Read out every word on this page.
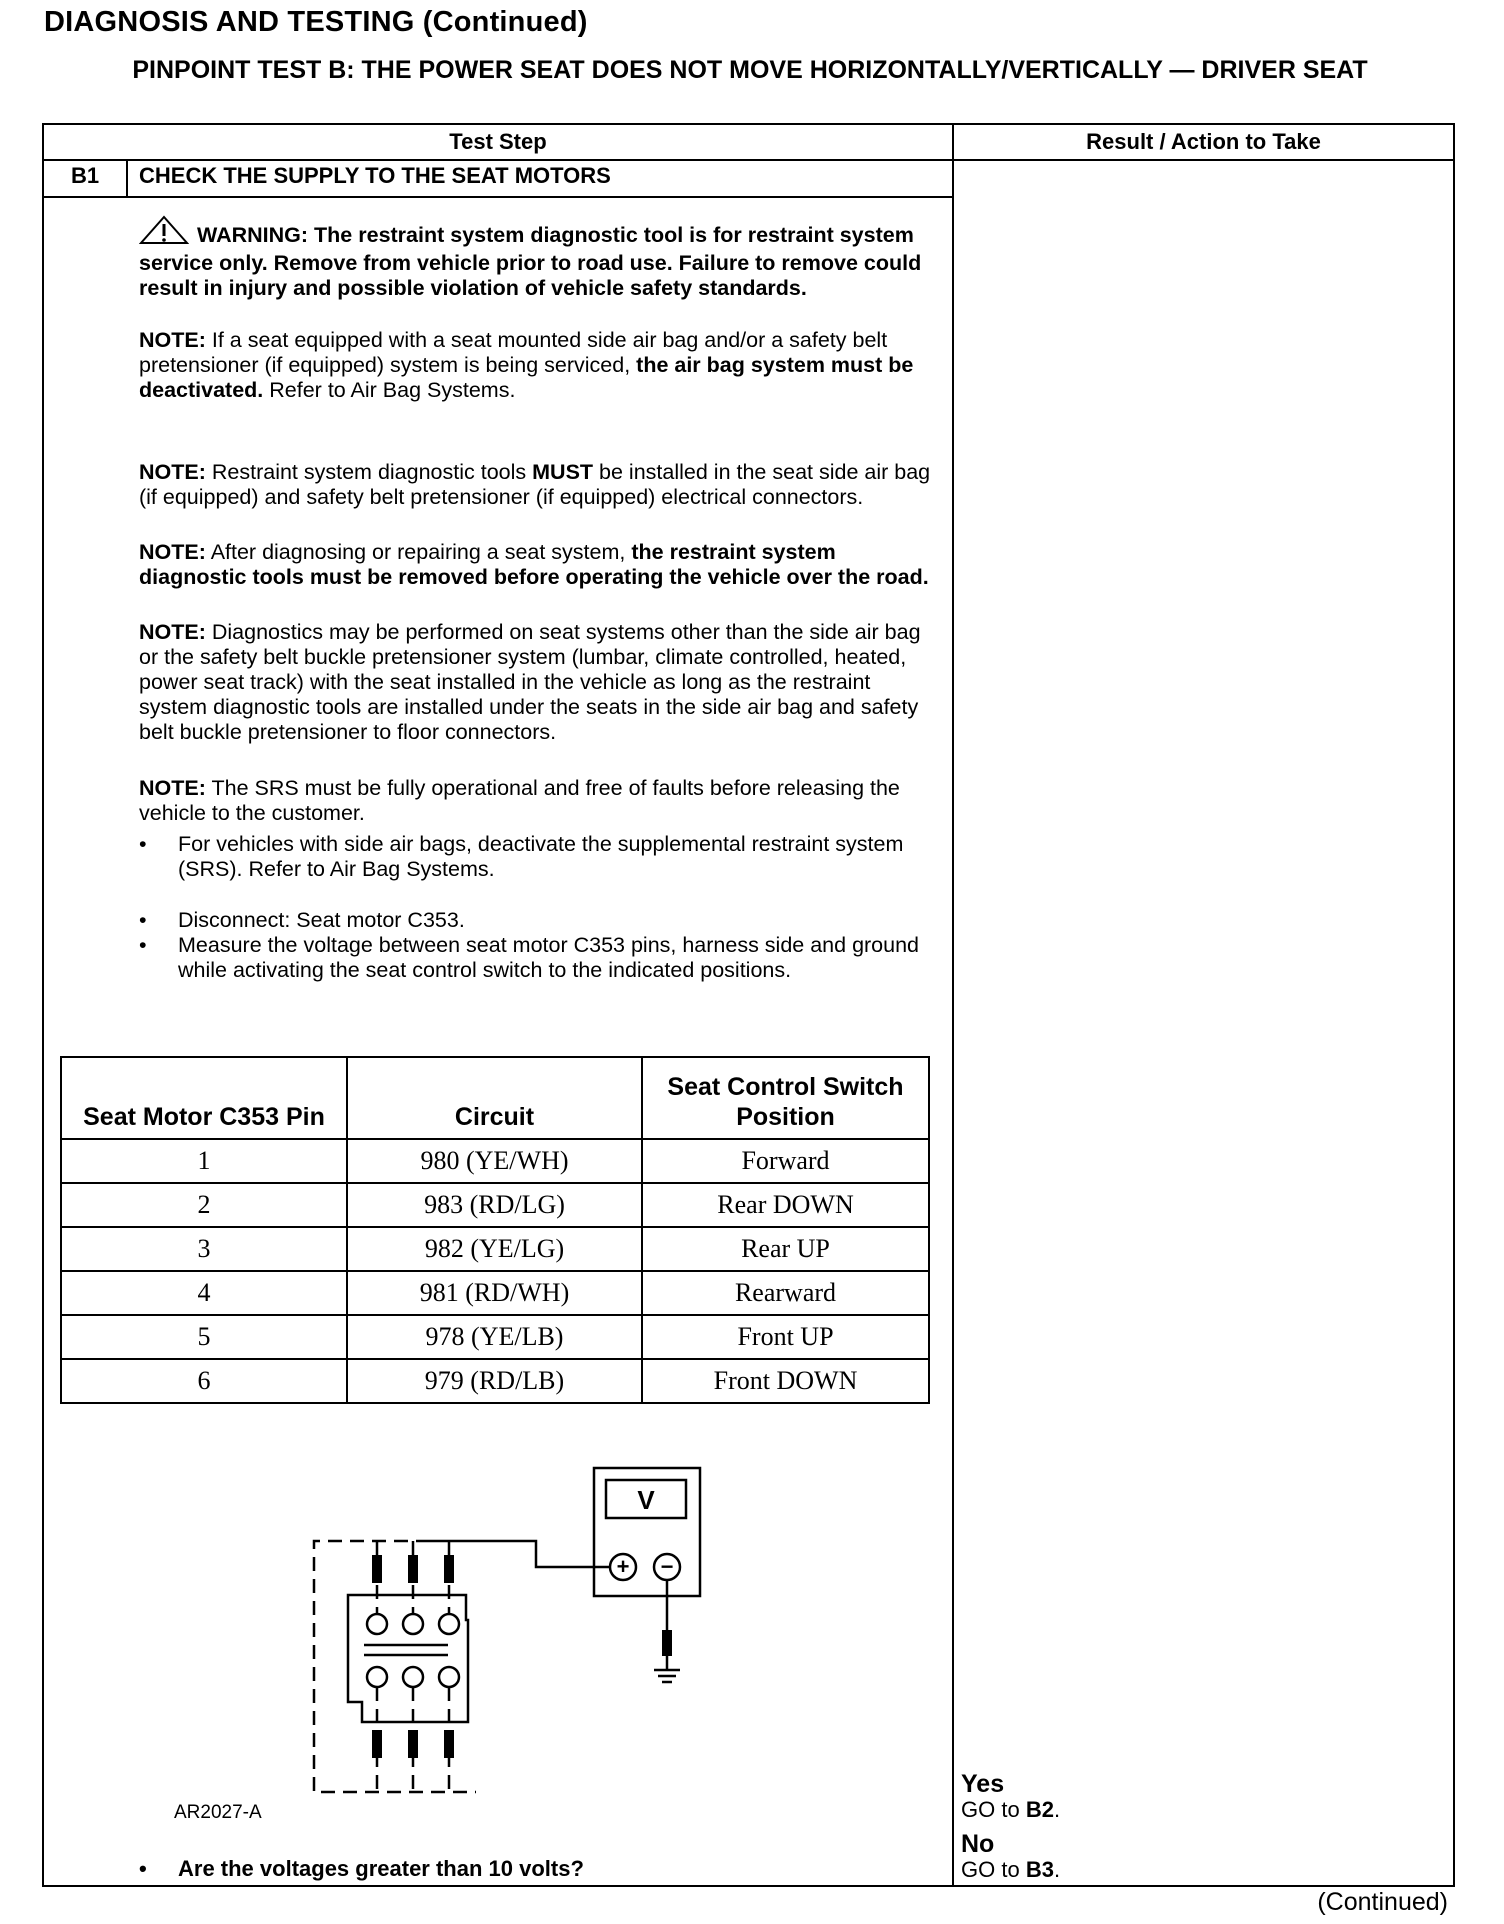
DIAGNOSIS AND TESTING (Continued)
PINPOINT TEST B: THE POWER SEAT DOES NOT MOVE HORIZONTALLY/VERTICALLY — DRIVER SEAT
Test Step	Result / Action to Take
B1	CHECK THE SUPPLY TO THE SEAT MOTORS
WARNING: The restraint system diagnostic tool is for restraint system service only. Remove from vehicle prior to road use. Failure to remove could result in injury and possible violation of vehicle safety standards.
NOTE: If a seat equipped with a seat mounted side air bag and/or a safety belt pretensioner (if equipped) system is being serviced, the air bag system must be deactivated. Refer to Air Bag Systems.
NOTE: Restraint system diagnostic tools MUST be installed in the seat side air bag (if equipped) and safety belt pretensioner (if equipped) electrical connectors.
NOTE: After diagnosing or repairing a seat system, the restraint system diagnostic tools must be removed before operating the vehicle over the road.
NOTE: Diagnostics may be performed on seat systems other than the side air bag or the safety belt buckle pretensioner system (lumbar, climate controlled, heated, power seat track) with the seat installed in the vehicle as long as the restraint system diagnostic tools are installed under the seats in the side air bag and safety belt buckle pretensioner to floor connectors.
NOTE: The SRS must be fully operational and free of faults before releasing the vehicle to the customer.
• For vehicles with side air bags, deactivate the supplemental restraint system (SRS). Refer to Air Bag Systems.
• Disconnect: Seat motor C353.
• Measure the voltage between seat motor C353 pins, harness side and ground while activating the seat control switch to the indicated positions.
Seat Motor C353 Pin	Circuit	Seat Control Switch Position
1	980 (YE/WH)	Forward
2	983 (RD/LG)	Rear DOWN
3	982 (YE/LG)	Rear UP
4	981 (RD/WH)	Rearward
5	978 (YE/LB)	Front UP
6	979 (RD/LB)	Front DOWN
V
+ −
AR2027-A
• Are the voltages greater than 10 volts?
Yes
GO to B2.
No
GO to B3.
(Continued)
